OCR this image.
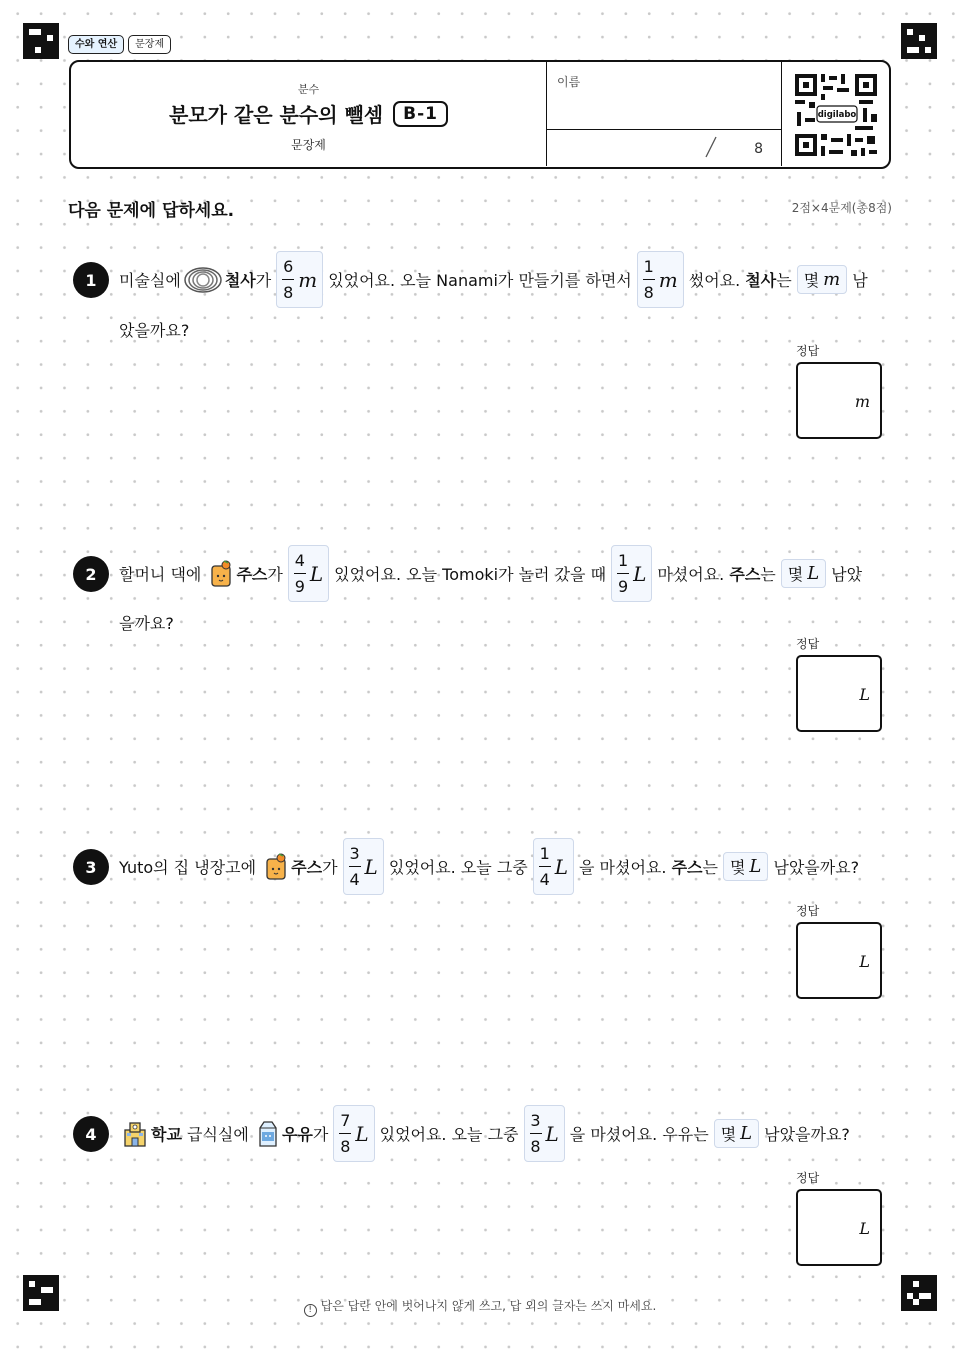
수와 연산	문장제
분수
분모가 같은 분수의 뺄셈	B-1
문장제
이름
8
digilabo
다음 문제에 답하세요.	2점×4문제(총8점)
1	미술실에	철사 가
6
8
m 있었어요. 오늘 Nanami가 만들기를 하면서
1
8
m 썼어요.
철사 는 몇 m 남
았을까요?
정답
m
2	할머니 댁에
주스 가
4
9
L 있었어요. 오늘 Tomoki가 놀러 갔을 때
1
9
L 마셨어요.
주스 는 몇 L 남았
을까요?
정답
L
3	Yuto의 집 냉장고에
주스 가
3
4
L 있었어요. 오늘 그중
1
4
L 을 마셨어요.
주스 는 몇 L 남았을까요?
정답
L
4	학교
급식실에
우유 가
7
8
L 있었어요. 오늘 그중
3
8
L 을 마셨어요. 우유는 몇 L 남았을까요?
정답
L
! 답은 답란 안에 벗어나지 않게 쓰고, 답 외의 글자는 쓰지 마세요.
